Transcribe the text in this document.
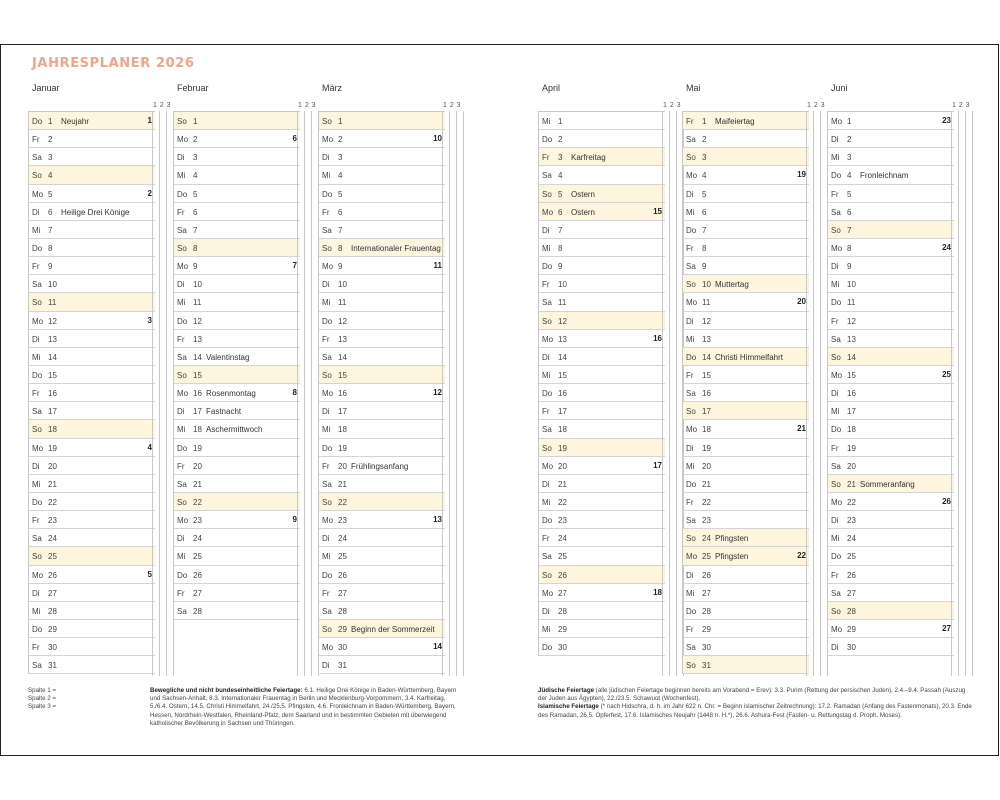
JAHRESPLANER 2026
Januar
1 2 3
Do 1 Neujahr	1
Fr 2
Sa 3
So 4
Mo 5	2
Di 6 Heilige Drei Könige
Mi 7
Do 8
Fr 9
Sa 10
So 11
Mo 12	3
Di 13
Mi 14
Do 15
Fr 16
Sa 17
So 18
Mo 19	4
Di 20
Mi 21
Do 22
Fr 23
Sa 24
So 25
Mo 26	5
Di 27
Mi 28
Do 29
Fr 30
Sa 31
Februar
1 2 3
So 1
Mo 2	6
Di 3
Mi 4
Do 5
Fr 6
Sa 7
So 8
Mo 9	7
Di 10
Mi 11
Do 12
Fr 13
Sa 14 Valentinstag
So 15
Mo 16 Rosenmontag	8
Di 17 Fastnacht
Mi 18 Aschermittwoch
Do 19
Fr 20
Sa 21
So 22
Mo 23	9
Di 24
Mi 25
Do 26
Fr 27
Sa 28
März
1 2 3
So 1
Mo 2	10
Di 3
Mi 4
Do 5
Fr 6
Sa 7
So 8 Internationaler Frauentag
Mo 9	11
Di 10
Mi 11
Do 12
Fr 13
Sa 14
So 15
Mo 16	12
Di 17
Mi 18
Do 19
Fr 20 Frühlingsanfang
Sa 21
So 22
Mo 23	13
Di 24
Mi 25
Do 26
Fr 27
Sa 28
So 29 Beginn der Sommerzeit
Mo 30	14
Di 31
April
1 2 3
Mi 1
Do 2
Fr 3 Karfreitag
Sa 4
So 5 Ostern
Mo 6 Ostern	15
Di 7
Mi 8
Do 9
Fr 10
Sa 11
So 12
Mo 13	16
Di 14
Mi 15
Do 16
Fr 17
Sa 18
So 19
Mo 20	17
Di 21
Mi 22
Do 23
Fr 24
Sa 25
So 26
Mo 27	18
Di 28
Mi 29
Do 30
Mai
1 2 3
Fr 1 Maifeiertag
Sa 2
So 3
Mo 4	19
Di 5
Mi 6
Do 7
Fr 8
Sa 9
So 10 Muttertag
Mo 11	20
Di 12
Mi 13
Do 14 Christi Himmelfahrt
Fr 15
Sa 16
So 17
Mo 18	21
Di 19
Mi 20
Do 21
Fr 22
Sa 23
So 24 Pfingsten
Mo 25 Pfingsten	22
Di 26
Mi 27
Do 28
Fr 29
Sa 30
So 31
Juni
1 2 3
Mo 1	23
Di 2
Mi 3
Do 4 Fronleichnam
Fr 5
Sa 6
So 7
Mo 8	24
Di 9
Mi 10
Do 11
Fr 12
Sa 13
So 14
Mo 15	25
Di 16
Mi 17
Do 18
Fr 19
Sa 20
So 21 Sommeranfang
Mo 22	26
Di 23
Mi 24
Do 25
Fr 26
Sa 27
So 28
Mo 29	27
Di 30
Spalte 1 =
Spalte 2 =
Spalte 3 =
Bewegliche und nicht bundeseinheitliche Feiertage: 6.1. Heilige Drei Könige in Baden-Württemberg, Bayern und Sachsen-Anhalt, 8.3. Internationaler Frauentag in Berlin und Mecklenburg-Vorpommern, 3.4. Karfreitag, 5./6.4. Ostern, 14.5. Christi Himmelfahrt, 24./25.5. Pfingsten, 4.6. Fronleichnam in Baden-Württemberg, Bayern, Hessen, Nordrhein-Westfalen, Rheinland-Pfalz, dem Saarland und in bestimmten Gebieten mit überwiegend katholischer Bevölkerung in Sachsen und Thüringen.
Jüdische Feiertage (alle jüdischen Feiertage beginnen bereits am Vorabend = Erev): 3.3. Purim (Rettung der persischen Juden), 2.4.–9.4. Passah (Auszug der Juden aus Ägypten), 22./23.5. Schawuot (Wochenfest).
Islamische Feiertage (* nach Hidschra, d. h. im Jahr 622 n. Chr. = Beginn islamischer Zeitrechnung): 17.2. Ramadan (Anfang des Fastenmonats), 20.3. Ende des Ramadan, 26.5. Opferfest, 17.6. Islamisches Neujahr (1448 n. H.*), 26.6. Ashura-Fest (Fasten- u. Rettungstag d. Proph. Moses).
